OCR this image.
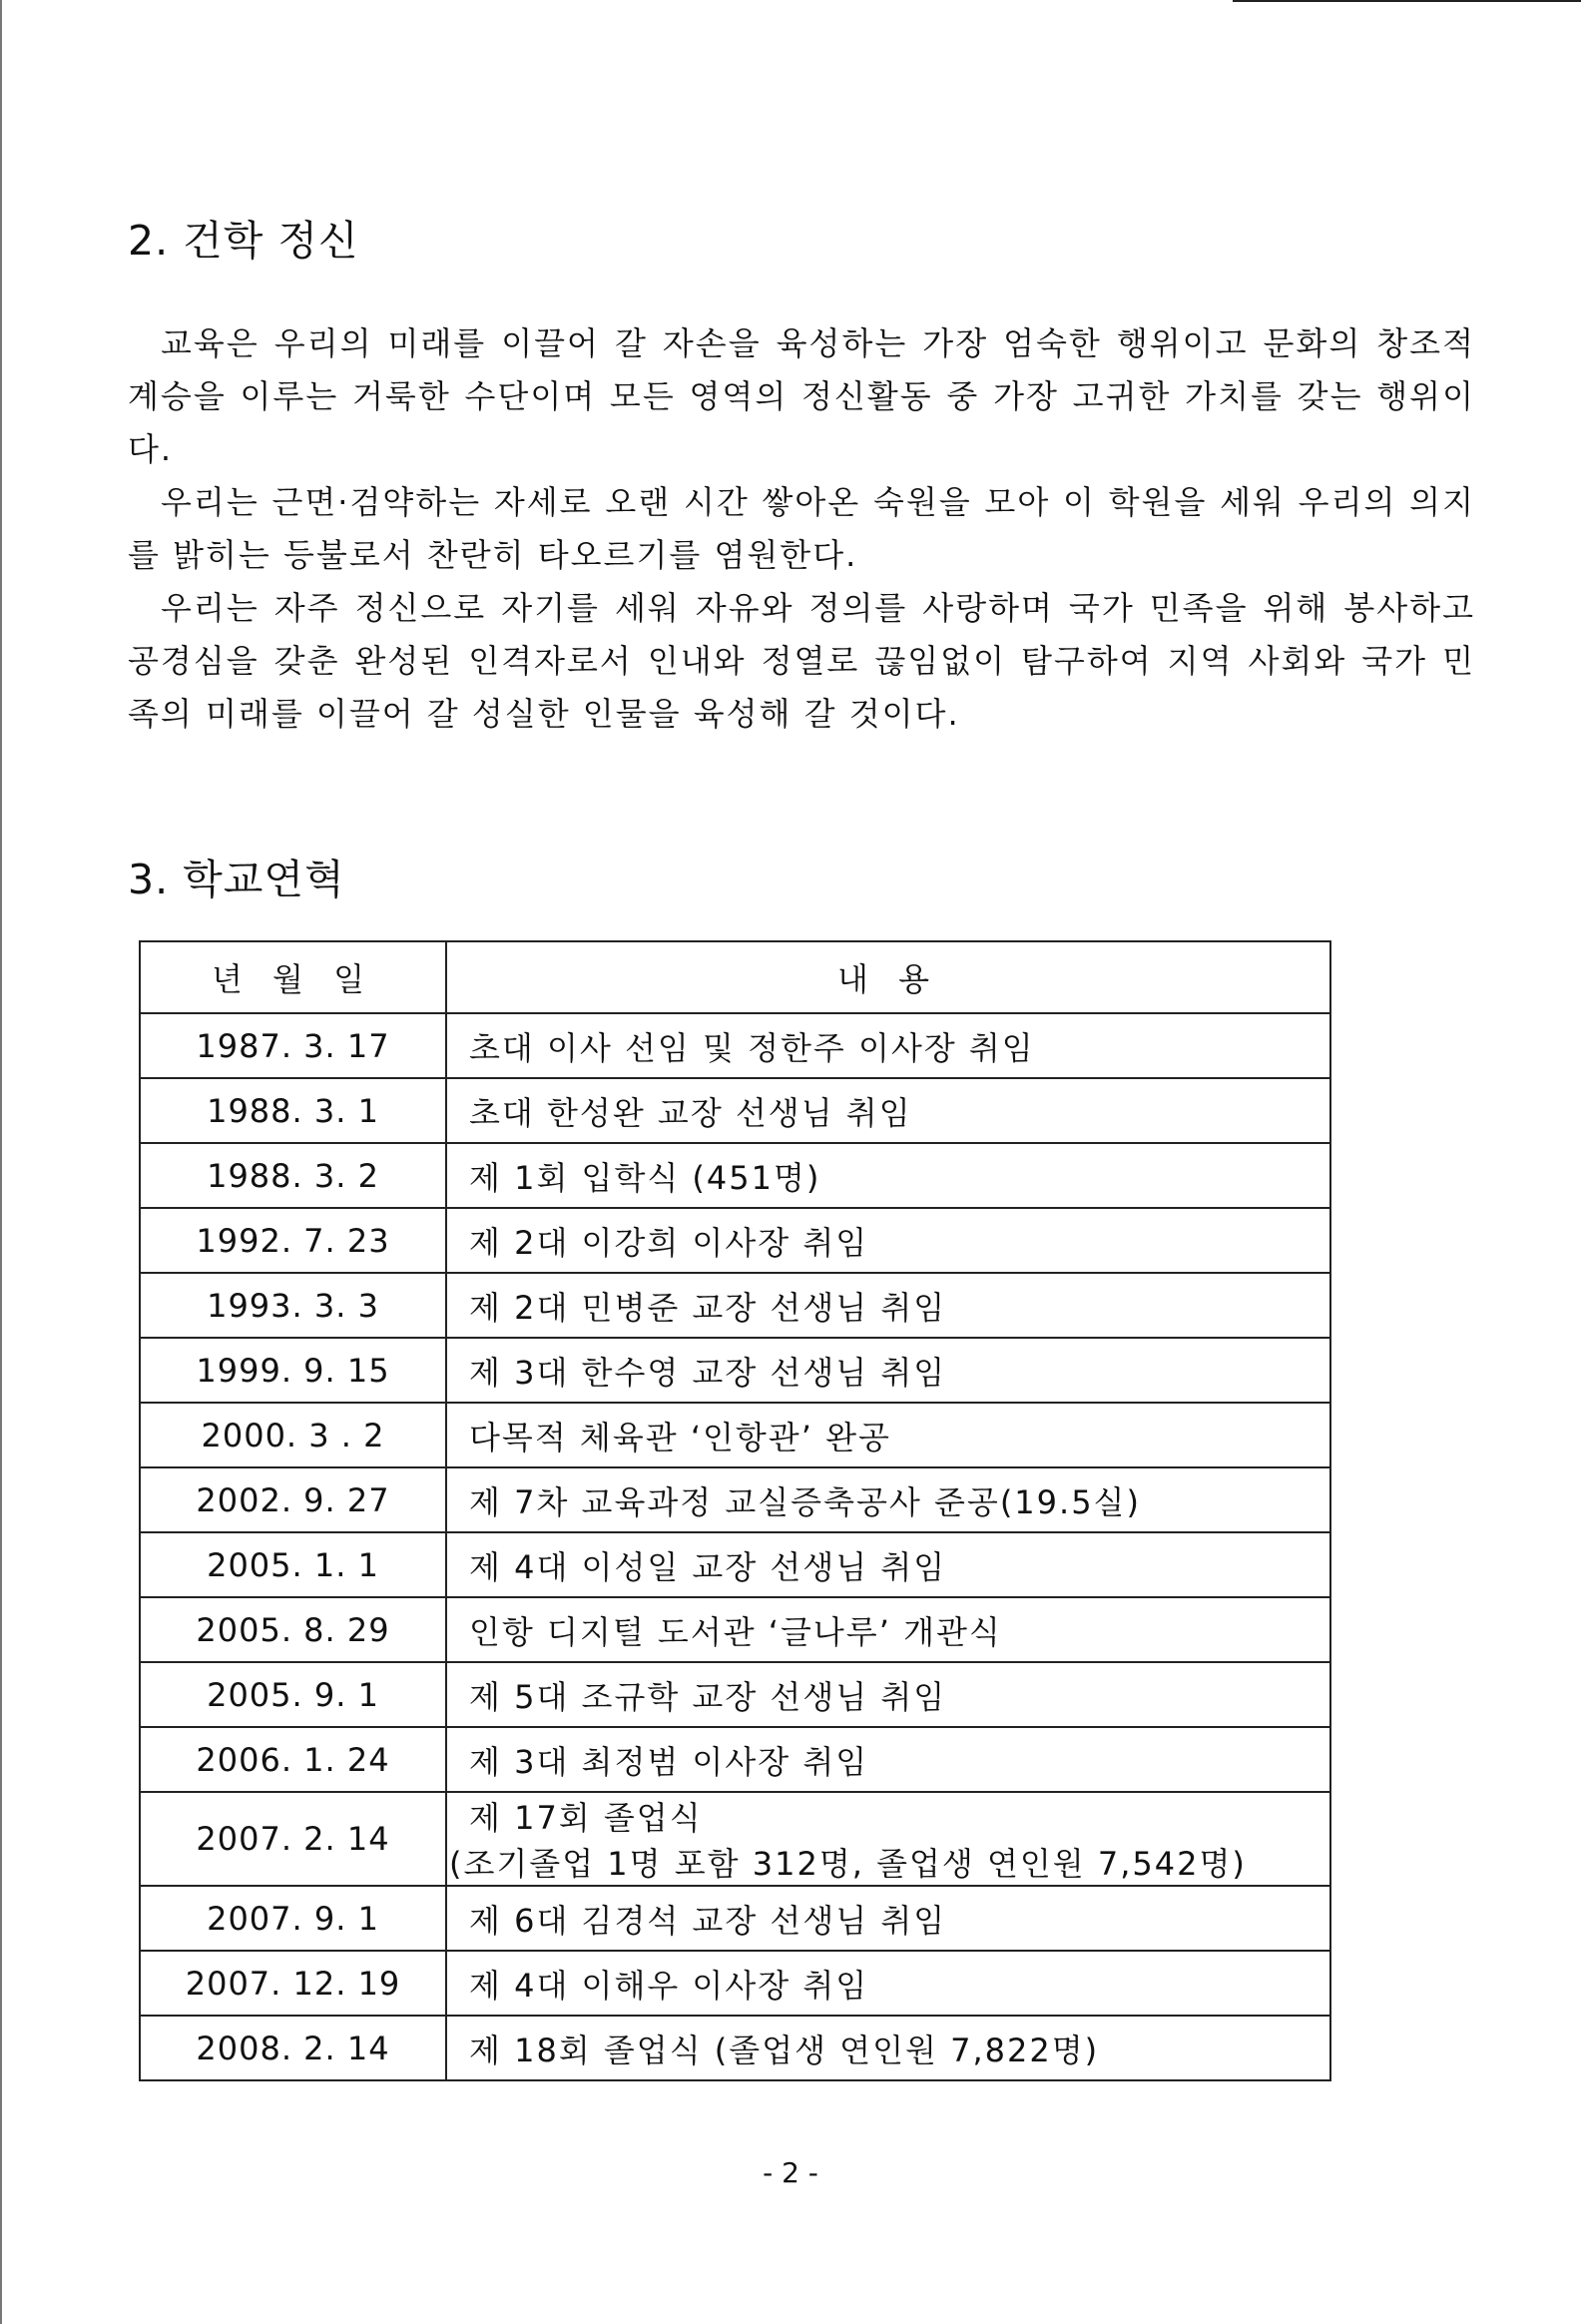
2. 건학 정신

교육은 우리의 미래를 이끌어 갈 자손을 육성하는 가장 엄숙한 행위이고 문화의 창조적 계승을 이루는 거룩한 수단이며 모든 영역의 정신활동 중 가장 고귀한 가치를 갖는 행위이다.

우리는 근면·검약하는 자세로 오랜 시간 쌓아온 숙원을 모아 이 학원을 세워 우리의 의지를 밝히는 등불로서 찬란히 타오르기를 염원한다.

우리는 자주 정신으로 자기를 세워 자유와 정의를 사랑하며 국가 민족을 위해 봉사하고 공경심을 갖춘 완성된 인격자로서 인내와 정열로 끊임없이 탐구하여 지역 사회와 국가 민족의 미래를 이끌어 갈 성실한 인물을 육성해 갈 것이다.

3. 학교연혁
년 월 일	내 용
1987. 3. 17	초대 이사 선임 및 정한주 이사장 취임
1988. 3. 1	초대 한성완 교장 선생님 취임
1988. 3. 2	제 1회 입학식 (451명)
1992. 7. 23	제 2대 이강희 이사장 취임
1993. 3. 3	제 2대 민병준 교장 선생님 취임
1999. 9. 15	제 3대 한수영 교장 선생님 취임
2000. 3 . 2	다목적 체육관 ‘인항관’ 완공
2002. 9. 27	제 7차 교육과정 교실증축공사 준공(19.5실)
2005. 1. 1	제 4대 이성일 교장 선생님 취임
2005. 8. 29	인항 디지털 도서관 ‘글나루’ 개관식
2005. 9. 1	제 5대 조규학 교장 선생님 취임
2006. 1. 24	제 3대 최정범 이사장 취임
2007. 2. 14	제 17회 졸업식
(조기졸업 1명 포함 312명, 졸업생 연인원 7,542명)

2007. 9. 1	제 6대 김경석 교장 선생님 취임
2007. 12. 19	제 4대 이해우 이사장 취임
2008. 2. 14	제 18회 졸업식 (졸업생 연인원 7,822명)
- 2 -
